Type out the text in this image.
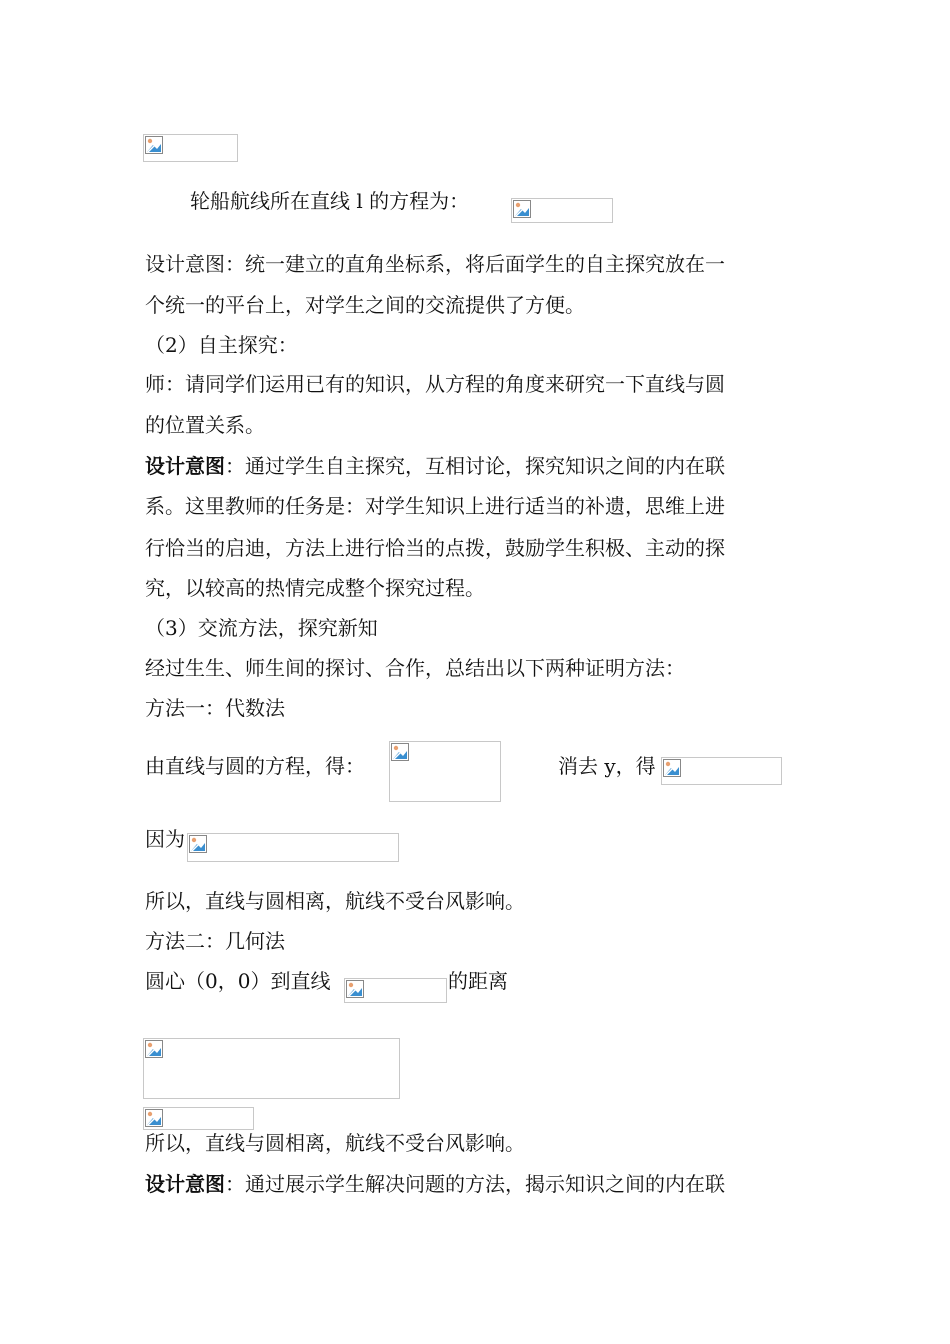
轮船航线所在直线 l 的方程为：
设计意图：统一建立的直角坐标系，将后面学生的自主探究放在一
个统一的平台上，对学生之间的交流提供了方便。
（2）自主探究：
师：请同学们运用已有的知识，从方程的角度来研究一下直线与圆
的位置关系。
设计意图：通过学生自主探究，互相讨论，探究知识之间的内在联
系。这里教师的任务是：对学生知识上进行适当的补遗，思维上进
行恰当的启迪，方法上进行恰当的点拨，鼓励学生积极、主动的探
究，以较高的热情完成整个探究过程。
（3）交流方法，探究新知
经过生生、师生间的探讨、合作，总结出以下两种证明方法：
方法一：代数法
由直线与圆的方程，得：	消去 y，得
因为
所以，直线与圆相离，航线不受台风影响。
方法二：几何法
圆心（0，0）到直线	的距离
所以，直线与圆相离，航线不受台风影响。
设计意图：通过展示学生解决问题的方法，揭示知识之间的内在联
